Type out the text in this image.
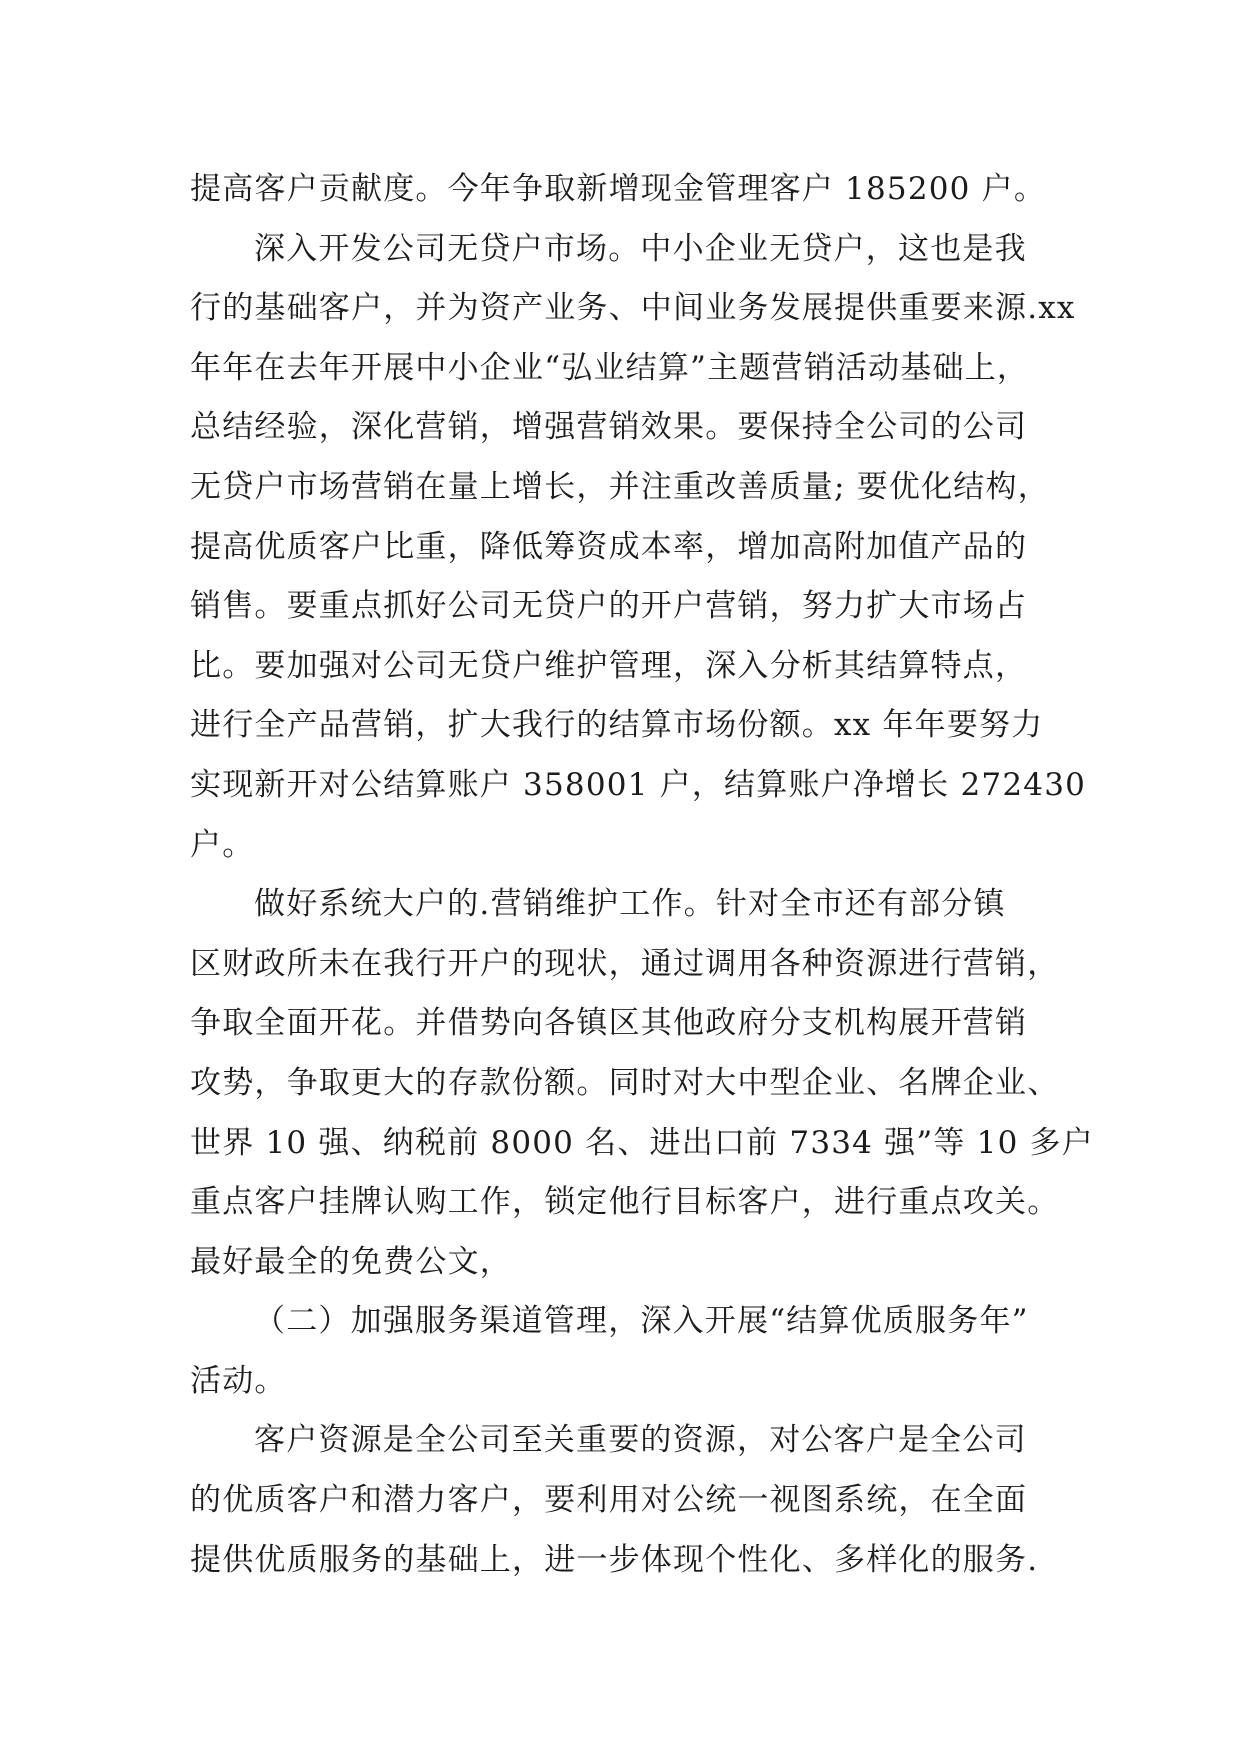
提高客户贡献度。今年争取新增现金管理客户 185200 户。
深入开发公司无贷户市场。中小企业无贷户，这也是我
行的基础客户，并为资产业务、中间业务发展提供重要来源.xx
年年在去年开展中小企业“弘业结算”主题营销活动基础上，
总结经验，深化营销，增强营销效果。要保持全公司的公司
无贷户市场营销在量上增长，并注重改善质量; 要优化结构，
提高优质客户比重，降低筹资成本率，增加高附加值产品的
销售。要重点抓好公司无贷户的开户营销，努力扩大市场占
比。要加强对公司无贷户维护管理，深入分析其结算特点，
进行全产品营销，扩大我行的结算市场份额。xx 年年要努力
实现新开对公结算账户 358001 户，结算账户净增长 272430
户。
做好系统大户的.营销维护工作。针对全市还有部分镇
区财政所未在我行开户的现状，通过调用各种资源进行营销，
争取全面开花。并借势向各镇区其他政府分支机构展开营销
攻势，争取更大的存款份额。同时对大中型企业、名牌企业、
世界 10 强、纳税前 8000 名、进出口前 7334 强”等 10 多户
重点客户挂牌认购工作，锁定他行目标客户，进行重点攻关。
最好最全的免费公文，
（二）加强服务渠道管理，深入开展“结算优质服务年”
活动。
客户资源是全公司至关重要的资源，对公客户是全公司
的优质客户和潜力客户，要利用对公统一视图系统，在全面
提供优质服务的基础上，进一步体现个性化、多样化的服务.
